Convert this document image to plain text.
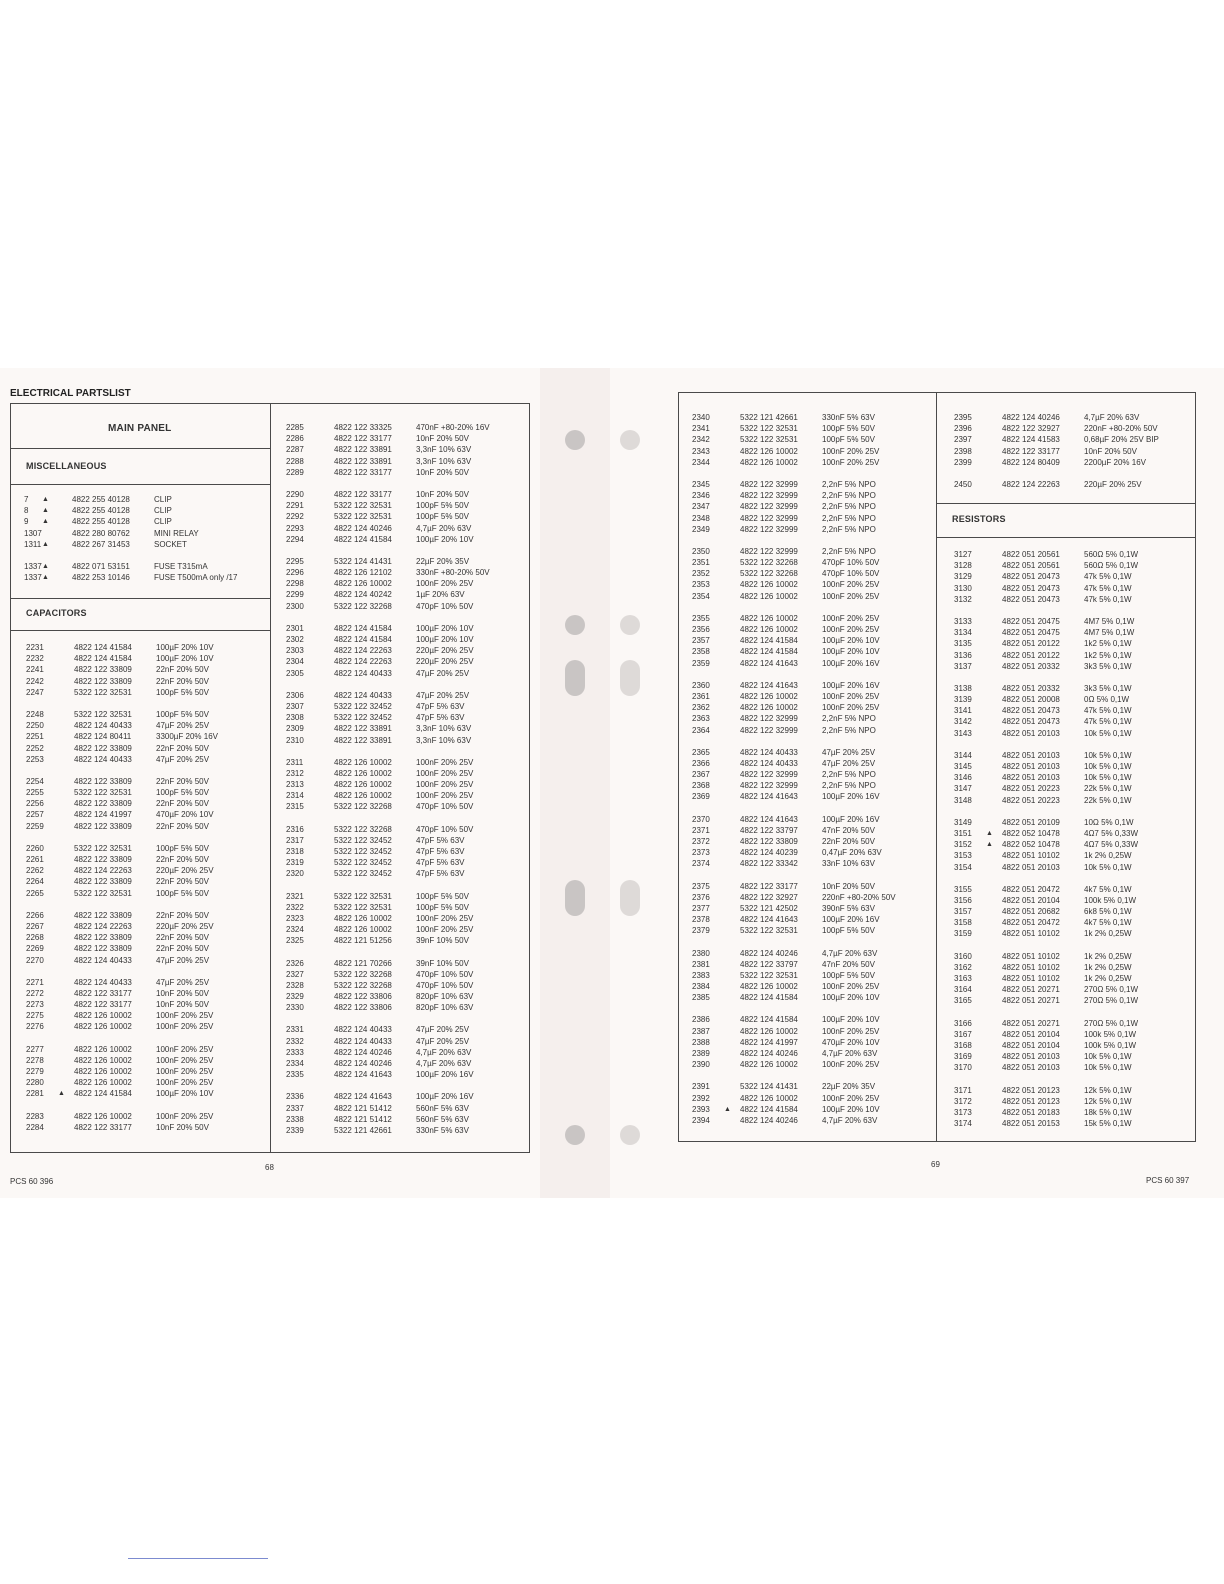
ELECTRICAL PARTSLIST
MAIN PANEL
MISCELLANEOUS
CAPACITORS
7 ▲	4822 255 40128	CLIP
8 ▲	4822 255 40128	CLIP
9 ▲	4822 255 40128	CLIP
1307	4822 280 80762	MINI RELAY
1311 ▲	4822 267 31453	SOCKET
1337 ▲	4822 071 53151	FUSE T315mA
1337 ▲	4822 253 10146	FUSE T500mA only /17
2231	4822 124 41584	100µF 20% 10V
2232	4822 124 41584	100µF 20% 10V
2241	4822 122 33809	22nF 20% 50V
2242	4822 122 33809	22nF 20% 50V
2247	5322 122 32531	100pF 5% 50V
2248	5322 122 32531	100pF 5% 50V
2250	4822 124 40433	47µF 20% 25V
2251	4822 124 80411	3300µF 20% 16V
2252	4822 122 33809	22nF 20% 50V
2253	4822 124 40433	47µF 20% 25V
2254	4822 122 33809	22nF 20% 50V
2255	5322 122 32531	100pF 5% 50V
2256	4822 122 33809	22nF 20% 50V
2257	4822 124 41997	470µF 20% 10V
2259	4822 122 33809	22nF 20% 50V
2260	5322 122 32531	100pF 5% 50V
2261	4822 122 33809	22nF 20% 50V
2262	4822 124 22263	220µF 20% 25V
2264	4822 122 33809	22nF 20% 50V
2265	5322 122 32531	100pF 5% 50V
2266	4822 122 33809	22nF 20% 50V
2267	4822 124 22263	220µF 20% 25V
2268	4822 122 33809	22nF 20% 50V
2269	4822 122 33809	22nF 20% 50V
2270	4822 124 40433	47µF 20% 25V
2271	4822 124 40433	47µF 20% 25V
2272	4822 122 33177	10nF 20% 50V
2273	4822 122 33177	10nF 20% 50V
2275	4822 126 10002	100nF 20% 25V
2276	4822 126 10002	100nF 20% 25V
2277	4822 126 10002	100nF 20% 25V
2278	4822 126 10002	100nF 20% 25V
2279	4822 126 10002	100nF 20% 25V
2280	4822 126 10002	100nF 20% 25V
2281 ▲ 4822 124 41584	100µF 20% 10V
2283	4822 126 10002	100nF 20% 25V
2284	4822 122 33177	10nF 20% 50V
2285	4822 122 33325	470nF +80-20% 16V
2286	4822 122 33177	10nF 20% 50V
2287	4822 122 33891	3,3nF 10% 63V
2288	4822 122 33891	3,3nF 10% 63V
2289	4822 122 33177	10nF 20% 50V
2290	4822 122 33177	10nF 20% 50V
2291	5322 122 32531	100pF 5% 50V
2292	5322 122 32531	100pF 5% 50V
2293	4822 124 40246	4,7µF 20% 63V
2294	4822 124 41584	100µF 20% 10V
2295	5322 124 41431	22µF 20% 35V
2296	4822 126 12102	330nF +80-20% 50V
2298	4822 126 10002	100nF 20% 25V
2299	4822 124 40242	1µF 20% 63V
2300	5322 122 32268	470pF 10% 50V
2301	4822 124 41584	100µF 20% 10V
2302	4822 124 41584	100µF 20% 10V
2303	4822 124 22263	220µF 20% 25V
2304	4822 124 22263	220µF 20% 25V
2305	4822 124 40433	47µF 20% 25V
2306	4822 124 40433	47µF 20% 25V
2307	5322 122 32452	47pF 5% 63V
2308	5322 122 32452	47pF 5% 63V
2309	4822 122 33891	3,3nF 10% 63V
2310	4822 122 33891	3,3nF 10% 63V
2311	4822 126 10002	100nF 20% 25V
2312	4822 126 10002	100nF 20% 25V
2313	4822 126 10002	100nF 20% 25V
2314	4822 126 10002	100nF 20% 25V
2315	5322 122 32268	470pF 10% 50V
2316	5322 122 32268	470pF 10% 50V
2317	5322 122 32452	47pF 5% 63V
2318	5322 122 32452	47pF 5% 63V
2319	5322 122 32452	47pF 5% 63V
2320	5322 122 32452	47pF 5% 63V
2321	5322 122 32531	100pF 5% 50V
2322	5322 122 32531	100pF 5% 50V
2323	4822 126 10002	100nF 20% 25V
2324	4822 126 10002	100nF 20% 25V
2325	4822 121 51256	39nF 10% 50V
2326	4822 121 70266	39nF 10% 50V
2327	5322 122 32268	470pF 10% 50V
2328	5322 122 32268	470pF 10% 50V
2329	4822 122 33806	820pF 10% 63V
2330	4822 122 33806	820pF 10% 63V
2331	4822 124 40433	47µF 20% 25V
2332	4822 124 40433	47µF 20% 25V
2333	4822 124 40246	4,7µF 20% 63V
2334	4822 124 40246	4,7µF 20% 63V
2335	4822 124 41643	100µF 20% 16V
2336	4822 124 41643	100µF 20% 16V
2337	4822 121 51412	560nF 5% 63V
2338	4822 121 51412	560nF 5% 63V
2339	5322 121 42661	330nF 5% 63V
PCS 60 396
68
RESISTORS
2340	5322 121 42661	330nF 5% 63V
2341	5322 122 32531	100pF 5% 50V
2342	5322 122 32531	100pF 5% 50V
2343	4822 126 10002	100nF 20% 25V
2344	4822 126 10002	100nF 20% 25V
2345	4822 122 32999	2,2nF 5% NPO
2346	4822 122 32999	2,2nF 5% NPO
2347	4822 122 32999	2,2nF 5% NPO
2348	4822 122 32999	2,2nF 5% NPO
2349	4822 122 32999	2,2nF 5% NPO
2350	4822 122 32999	2,2nF 5% NPO
2351	5322 122 32268	470pF 10% 50V
2352	5322 122 32268	470pF 10% 50V
2353	4822 126 10002	100nF 20% 25V
2354	4822 126 10002	100nF 20% 25V
2355	4822 126 10002	100nF 20% 25V
2356	4822 126 10002	100nF 20% 25V
2357	4822 124 41584	100µF 20% 10V
2358	4822 124 41584	100µF 20% 10V
2359	4822 124 41643	100µF 20% 16V
2360	4822 124 41643	100µF 20% 16V
2361	4822 126 10002	100nF 20% 25V
2362	4822 126 10002	100nF 20% 25V
2363	4822 122 32999	2,2nF 5% NPO
2364	4822 122 32999	2,2nF 5% NPO
2365	4822 124 40433	47µF 20% 25V
2366	4822 124 40433	47µF 20% 25V
2367	4822 122 32999	2,2nF 5% NPO
2368	4822 122 32999	2,2nF 5% NPO
2369	4822 124 41643	100µF 20% 16V
2370	4822 124 41643	100µF 20% 16V
2371	4822 122 33797	47nF 20% 50V
2372	4822 122 33809	22nF 20% 50V
2373	4822 124 40239	0,47µF 20% 63V
2374	4822 122 33342	33nF 10% 63V
2375	4822 122 33177	10nF 20% 50V
2376	4822 122 32927	220nF +80-20% 50V
2377	5322 121 42502	390nF 5% 63V
2378	4822 124 41643	100µF 20% 16V
2379	5322 122 32531	100pF 5% 50V
2380	4822 124 40246	4,7µF 20% 63V
2381	4822 122 33797	47nF 20% 50V
2383	5322 122 32531	100pF 5% 50V
2384	4822 126 10002	100nF 20% 25V
2385	4822 124 41584	100µF 20% 10V
2386	4822 124 41584	100µF 20% 10V
2387	4822 126 10002	100nF 20% 25V
2388	4822 124 41997	470µF 20% 10V
2389	4822 124 40246	4,7µF 20% 63V
2390	4822 126 10002	100nF 20% 25V
2391	5322 124 41431	22µF 20% 35V
2392	4822 126 10002	100nF 20% 25V
2393 ▲ 4822 124 41584	100µF 20% 10V
2394	4822 124 40246	4,7µF 20% 63V
2395	4822 124 40246	4,7µF 20% 63V
2396	4822 122 32927	220nF +80-20% 50V
2397	4822 124 41583	0,68µF 20% 25V BIP
2398	4822 122 33177	10nF 20% 50V
2399	4822 124 80409	2200µF 20% 16V
2450	4822 124 22263	220µF 20% 25V
3127	4822 051 20561	560Ω 5% 0,1W
3128	4822 051 20561	560Ω 5% 0,1W
3129	4822 051 20473	47k 5% 0,1W
3130	4822 051 20473	47k 5% 0,1W
3132	4822 051 20473	47k 5% 0,1W
3133	4822 051 20475	4M7 5% 0,1W
3134	4822 051 20475	4M7 5% 0,1W
3135	4822 051 20122	1k2 5% 0,1W
3136	4822 051 20122	1k2 5% 0,1W
3137	4822 051 20332	3k3 5% 0,1W
3138	4822 051 20332	3k3 5% 0,1W
3139	4822 051 20008	0Ω 5% 0,1W
3141	4822 051 20473	47k 5% 0,1W
3142	4822 051 20473	47k 5% 0,1W
3143	4822 051 20103	10k 5% 0,1W
3144	4822 051 20103	10k 5% 0,1W
3145	4822 051 20103	10k 5% 0,1W
3146	4822 051 20103	10k 5% 0,1W
3147	4822 051 20223	22k 5% 0,1W
3148	4822 051 20223	22k 5% 0,1W
3149	4822 051 20109	10Ω 5% 0,1W
3151 ▲ 4822 052 10478	4Ω7 5% 0,33W
3152 ▲ 4822 052 10478	4Ω7 5% 0,33W
3153	4822 051 10102	1k 2% 0,25W
3154	4822 051 20103	10k 5% 0,1W
3155	4822 051 20472	4k7 5% 0,1W
3156	4822 051 20104	100k 5% 0,1W
3157	4822 051 20682	6k8 5% 0,1W
3158	4822 051 20472	4k7 5% 0,1W
3159	4822 051 10102	1k 2% 0,25W
3160	4822 051 10102	1k 2% 0,25W
3162	4822 051 10102	1k 2% 0,25W
3163	4822 051 10102	1k 2% 0,25W
3164	4822 051 20271	270Ω 5% 0,1W
3165	4822 051 20271	270Ω 5% 0,1W
3166	4822 051 20271	270Ω 5% 0,1W
3167	4822 051 20104	100k 5% 0,1W
3168	4822 051 20104	100k 5% 0,1W
3169	4822 051 20103	10k 5% 0,1W
3170	4822 051 20103	10k 5% 0,1W
3171	4822 051 20123	12k 5% 0,1W
3172	4822 051 20123	12k 5% 0,1W
3173	4822 051 20183	18k 5% 0,1W
3174	4822 051 20153	15k 5% 0,1W
69
PCS 60 397
